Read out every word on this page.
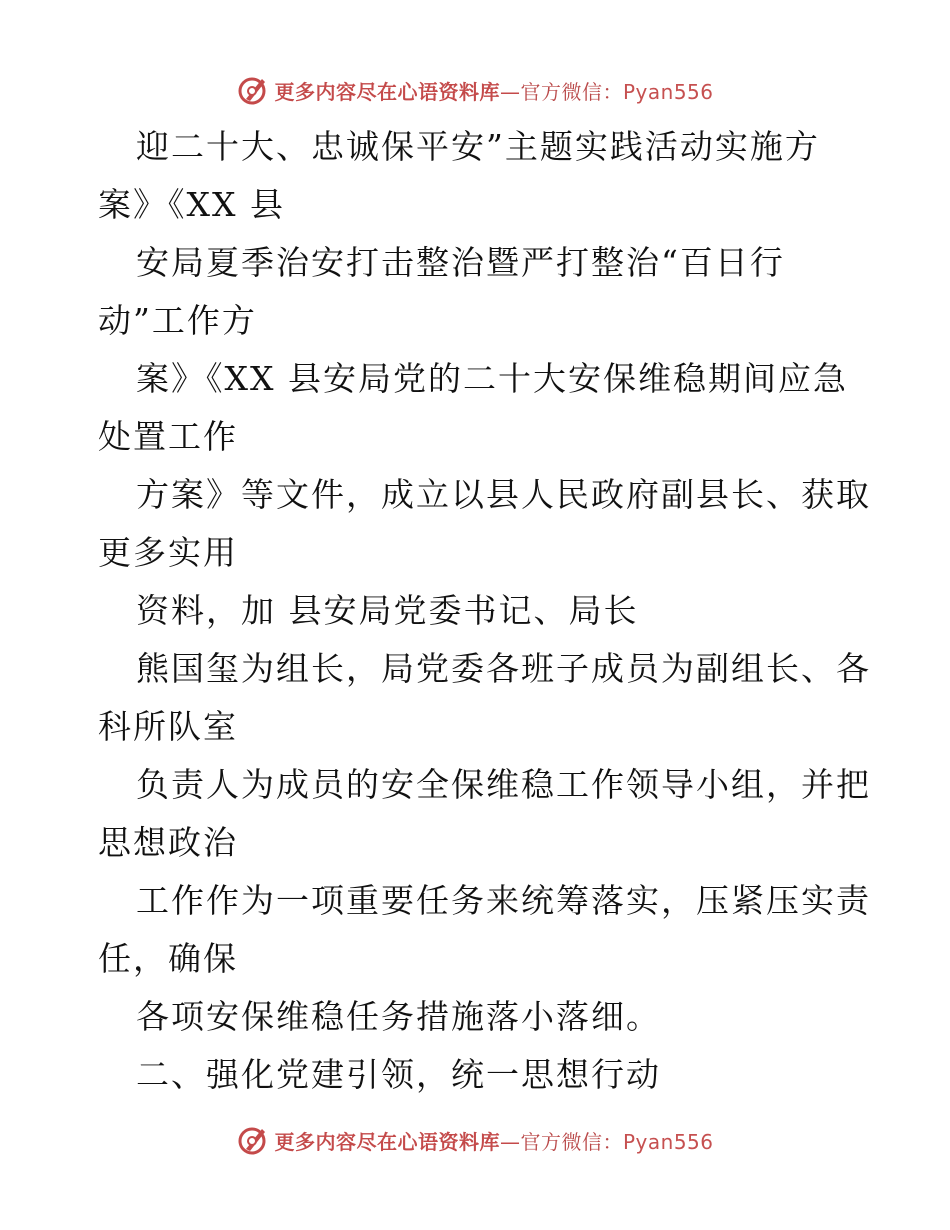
更多内容尽在心语资料库—官方微信：Pyan556
迎二十大、忠诚保平安”主题实践活动实施方
案》《XX 县
安局夏季治安打击整治暨严打整治“百日行
动”工作方
案》《XX 县安局党的二十大安保维稳期间应急
处置工作
方案》等文件，成立以县人民政府副县长、获取
更多实用
资料，加 县安局党委书记、局长
熊国玺为组长，局党委各班子成员为副组长、各
科所队室
负责人为成员的安全保维稳工作领导小组，并把
思想政治
工作作为一项重要任务来统筹落实，压紧压实责
任，确保
各项安保维稳任务措施落小落细。
二、强化党建引领，统一思想行动
更多内容尽在心语资料库—官方微信：Pyan556
